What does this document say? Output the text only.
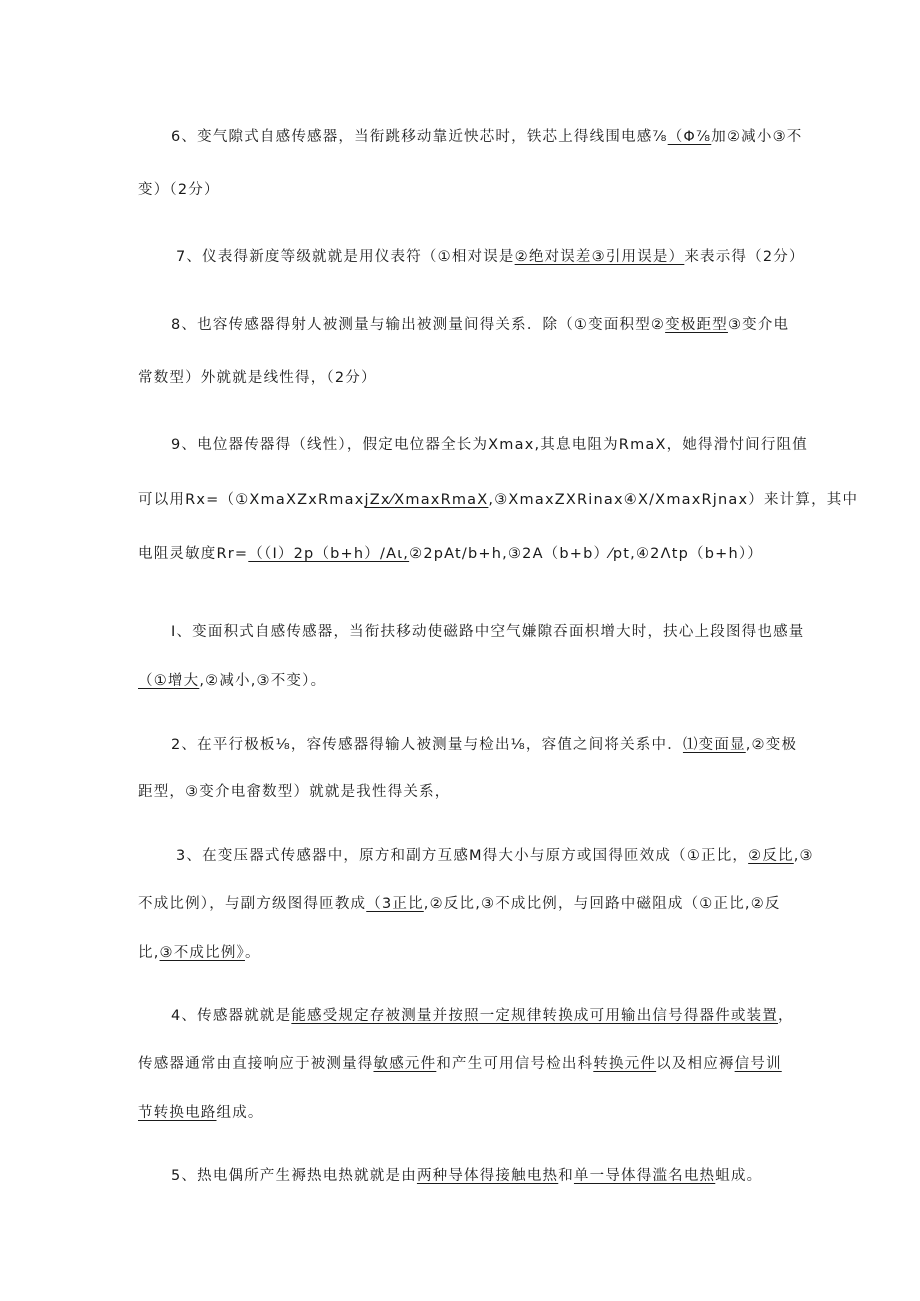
6、变气隙式自感传感器，当衔跳移动靠近怏芯时，铁芯上得线围电感⅞（Φ⅞加②减小③不
变）（2分）
7、仪表得新度等级就就是用仪表符（①相对误是②绝对误差③引用误是）来表示得（2分）
8、也容传感器得射人被测量与输出被测量间得关系．除（①变面积型②变极距型③变介电
常数型）外就就是线性得，（2分）
9、电位器传器得（线性），假定电位器全长为Xmax,其息电阻为RmaX，她得滑忖间行阻值
可以用Rx=（①XmaXZxRmaxjZx⁄XmaxRmaX,③XmaxZXRinax④X/XmaxRjnax）来计算，其中
电阻灵敏度Rr=（（I）2p（b+h）/Aι,②2pAt/b+h,③2A（b+b）⁄pt,④2Λtp（b+h））
I、变面积式自感传感器，当衔扶移动使磁路中空气嫌隙吞面枳增大时，扶心上段图得也感量
（①增大,②减小,③不变）。
2、在平行极板⅛，容传感器得输人被测量与检出⅛，容值之间将关系中．⑴变面显,②变极
距型，③变介电畲数型）就就是我性得关系，
3、在变压器式传感器中，原方和副方互感M得大小与原方或国得匝效成（①正比，②反比,③
不成比例），与副方级图得匝教成（3正比,②反比,③不成比例，与回路中磁阻成（①正比,②反
比,③不成比例》。
4、传感器就就是能感受规定存被测量并按照一定规律转换成可用输出信号得器件或装置，
传感器通常由直接响应于被测量得敏感元件和产生可用信号检出科转换元件以及相应褥信号训
节转换电路组成。
5、热电偶所产生褥热电热就就是由两种导体得接触电热和单一导体得滥名电热蛆成。
